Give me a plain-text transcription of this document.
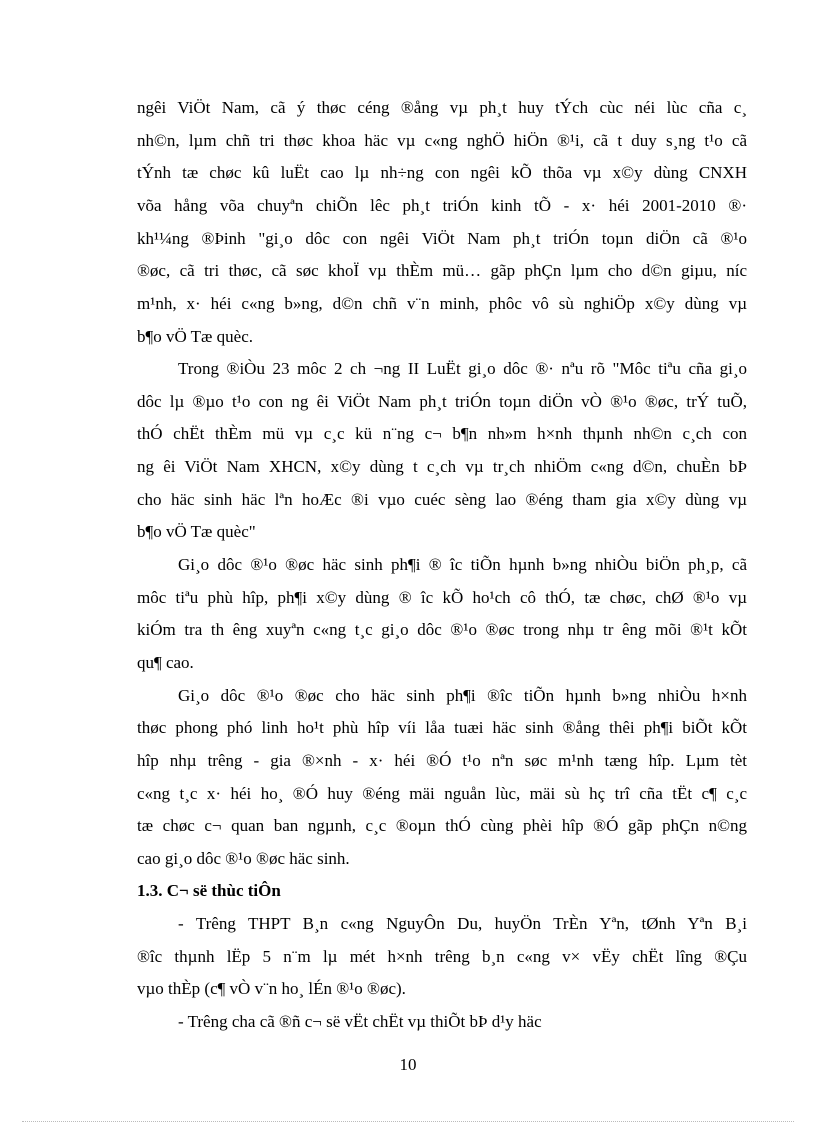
ngêi ViÖt Nam, cã ý thøc céng ®ång vµ ph¸t huy tÝch cùc néi lùc cña c¸
nh©n, lµm chñ tri thøc khoa häc vµ c«ng nghÖ hiÖn ®¹i, cã t duy s¸ng t¹o cã
tÝnh tæ chøc kû luËt cao lµ nh÷ng con ngêi kÕ thõa vµ x©y dùng CNXH
võa hång võa chuyªn chiÕn lêc ph¸t triÓn kinh tÕ - x· héi 2001-2010 ®·
kh¹¼ng ®Þinh "gi¸o dôc con ngêi ViÖt Nam ph¸t triÓn toµn diÖn cã ®¹o
®øc, cã tri thøc, cã søc khoÏ vµ thÈm mü… gãp phÇn lµm cho d©n giµu, níc
m¹nh, x· héi c«ng b»ng, d©n chñ v¨n minh, phôc vô sù nghiÖp x©y dùng vµ
b¶o vÖ Tæ quèc.
Trong ®iÒu 23 môc 2 ch ¬ng II LuËt gi¸o dôc ®· nªu rõ "Môc tiªu cña gi¸o
dôc lµ ®µo t¹o con ng êi ViÖt Nam ph¸t triÓn toµn diÖn vÒ ®¹o ®øc, trÝ tuÕ,
thÓ chËt thÈm mü vµ c¸c kü n¨ng c¬ b¶n nh»m h×nh thµnh nh©n c¸ch con
ng êi ViÖt Nam XHCN, x©y dùng t c¸ch vµ tr¸ch nhiÖm c«ng d©n, chuÈn bÞ
cho häc sinh häc lªn hoÆc ®i vµo cuéc sèng lao ®éng tham gia x©y dùng vµ
b¶o vÖ Tæ quèc"
Gi¸o dôc ®¹o ®øc häc sinh ph¶i ® îc tiÕn hµnh b»ng nhiÒu biÖn ph¸p, cã
môc tiªu phù hîp, ph¶i x©y dùng ® îc kÕ ho¹ch cô thÓ, tæ chøc, chØ ®¹o vµ
kiÓm tra th êng xuyªn c«ng t¸c gi¸o dôc ®¹o ®øc trong nhµ tr êng mõi ®¹t kÕt
qu¶ cao.
Gi¸o dôc ®¹o ®øc cho häc sinh ph¶i ®îc tiÕn hµnh b»ng nhiÒu h×nh
thøc phong phó linh ho¹t phù hîp víi låa tuæi häc sinh ®ång thêi ph¶i biÕt kÕt
hîp nhµ trêng - gia ®×nh - x· héi ®Ó t¹o nªn søc m¹nh tæng hîp. Lµm tèt
c«ng t¸c x· héi ho¸ ®Ó huy ®éng mäi nguån lùc, mäi sù hç trî cña tËt c¶ c¸c
tæ chøc c¬ quan ban ngµnh, c¸c ®oµn thÓ cùng phèi hîp ®Ó gãp phÇn n©ng
cao gi¸o dôc ®¹o ®øc häc sinh.
1.3. C¬ së thùc tiÔn
- Trêng THPT B¸n c«ng NguyÔn Du, huyÖn TrÈn Yªn, tØnh Yªn B¸i
®îc thµnh lËp 5 n¨m lµ mét h×nh trêng b¸n c«ng v× vËy chËt lîng ®Çu
vµo thÈp (c¶ vÒ v¨n ho¸ lÉn ®¹o ®øc).
- Trêng cha cã ®ñ c¬ së vËt chËt vµ thiÕt bÞ d¹y häc
10
